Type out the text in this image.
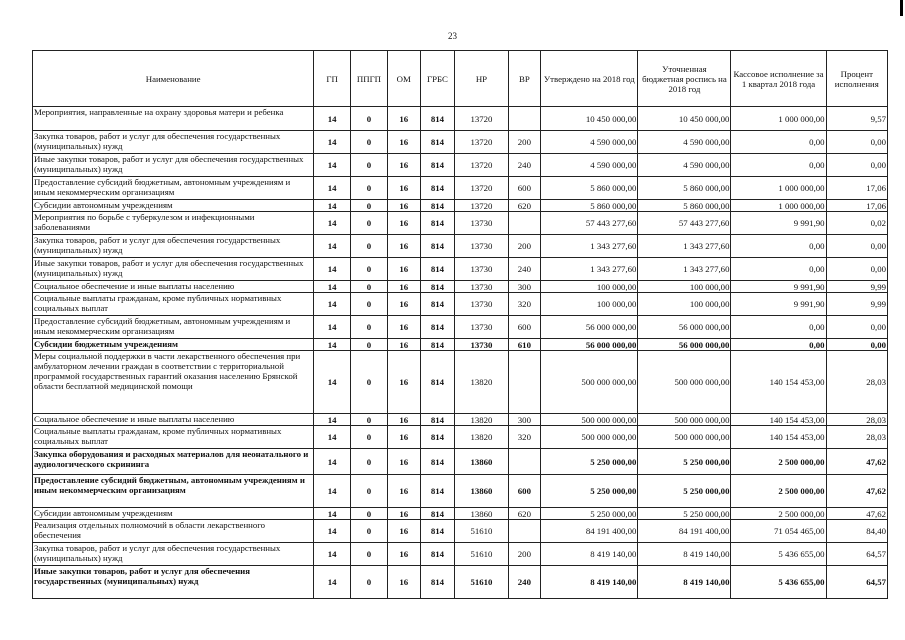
23
Наименование	ГП	ППГП	ОМ	ГРБС	НР	ВР	Утверждено на 2018 год	Уточненная бюджетная роспись на 2018 год	Кассовое исполнение за 1 квартал 2018 года	Процент исполнения
Мероприятия, направленные на охрану здоровья матери и ребенка	14	0	16	814	13720		10 450 000,00	10 450 000,00	1 000 000,00	9,57
Закупка товаров, работ и услуг для обеспечения государственных (муниципальных) нужд	14	0	16	814	13720	200	4 590 000,00	4 590 000,00	0,00	0,00
Иные закупки товаров, работ и услуг для обеспечения государственных (муниципальных) нужд	14	0	16	814	13720	240	4 590 000,00	4 590 000,00	0,00	0,00
Предоставление субсидий бюджетным, автономным учреждениям и иным некоммерческим организациям	14	0	16	814	13720	600	5 860 000,00	5 860 000,00	1 000 000,00	17,06
Субсидии автономным учреждениям	14	0	16	814	13720	620	5 860 000,00	5 860 000,00	1 000 000,00	17,06
Мероприятия по борьбе с туберкулезом и инфекционными заболеваниями	14	0	16	814	13730		57 443 277,60	57 443 277,60	9 991,90	0,02
Закупка товаров, работ и услуг для обеспечения государственных (муниципальных) нужд	14	0	16	814	13730	200	1 343 277,60	1 343 277,60	0,00	0,00
Иные закупки товаров, работ и услуг для обеспечения государственных (муниципальных) нужд	14	0	16	814	13730	240	1 343 277,60	1 343 277,60	0,00	0,00
Социальное обеспечение и иные выплаты населению	14	0	16	814	13730	300	100 000,00	100 000,00	9 991,90	9,99
Социальные выплаты гражданам, кроме публичных нормативных социальных выплат	14	0	16	814	13730	320	100 000,00	100 000,00	9 991,90	9,99
Предоставление субсидий бюджетным, автономным учреждениям и иным некоммерческим организациям	14	0	16	814	13730	600	56 000 000,00	56 000 000,00	0,00	0,00
Субсидии бюджетным учреждениям	14	0	16	814	13730	610	56 000 000,00	56 000 000,00	0,00	0,00
Меры социальной поддержки в части лекарственного обеспечения при амбулаторном лечении граждан в соответствии с территориальной программой государственных гарантий оказания населению Брянской области бесплатной медицинской помощи	14	0	16	814	13820		500 000 000,00	500 000 000,00	140 154 453,00	28,03
Социальное обеспечение и иные выплаты населению	14	0	16	814	13820	300	500 000 000,00	500 000 000,00	140 154 453,00	28,03
Социальные выплаты гражданам, кроме публичных нормативных социальных выплат	14	0	16	814	13820	320	500 000 000,00	500 000 000,00	140 154 453,00	28,03
Закупка оборудования и расходных материалов для неонатального и аудиологического скрининга	14	0	16	814	13860		5 250 000,00	5 250 000,00	2 500 000,00	47,62
Предоставление субсидий бюджетным, автономным учреждениям и иным некоммерческим организациям	14	0	16	814	13860	600	5 250 000,00	5 250 000,00	2 500 000,00	47,62
Субсидии автономным учреждениям	14	0	16	814	13860	620	5 250 000,00	5 250 000,00	2 500 000,00	47,62
Реализация отдельных полномочий в области лекарственного обеспечения	14	0	16	814	51610		84 191 400,00	84 191 400,00	71 054 465,00	84,40
Закупка товаров, работ и услуг для обеспечения государственных (муниципальных) нужд	14	0	16	814	51610	200	8 419 140,00	8 419 140,00	5 436 655,00	64,57
Иные закупки товаров, работ и услуг для обеспечения государственных (муниципальных) нужд	14	0	16	814	51610	240	8 419 140,00	8 419 140,00	5 436 655,00	64,57
